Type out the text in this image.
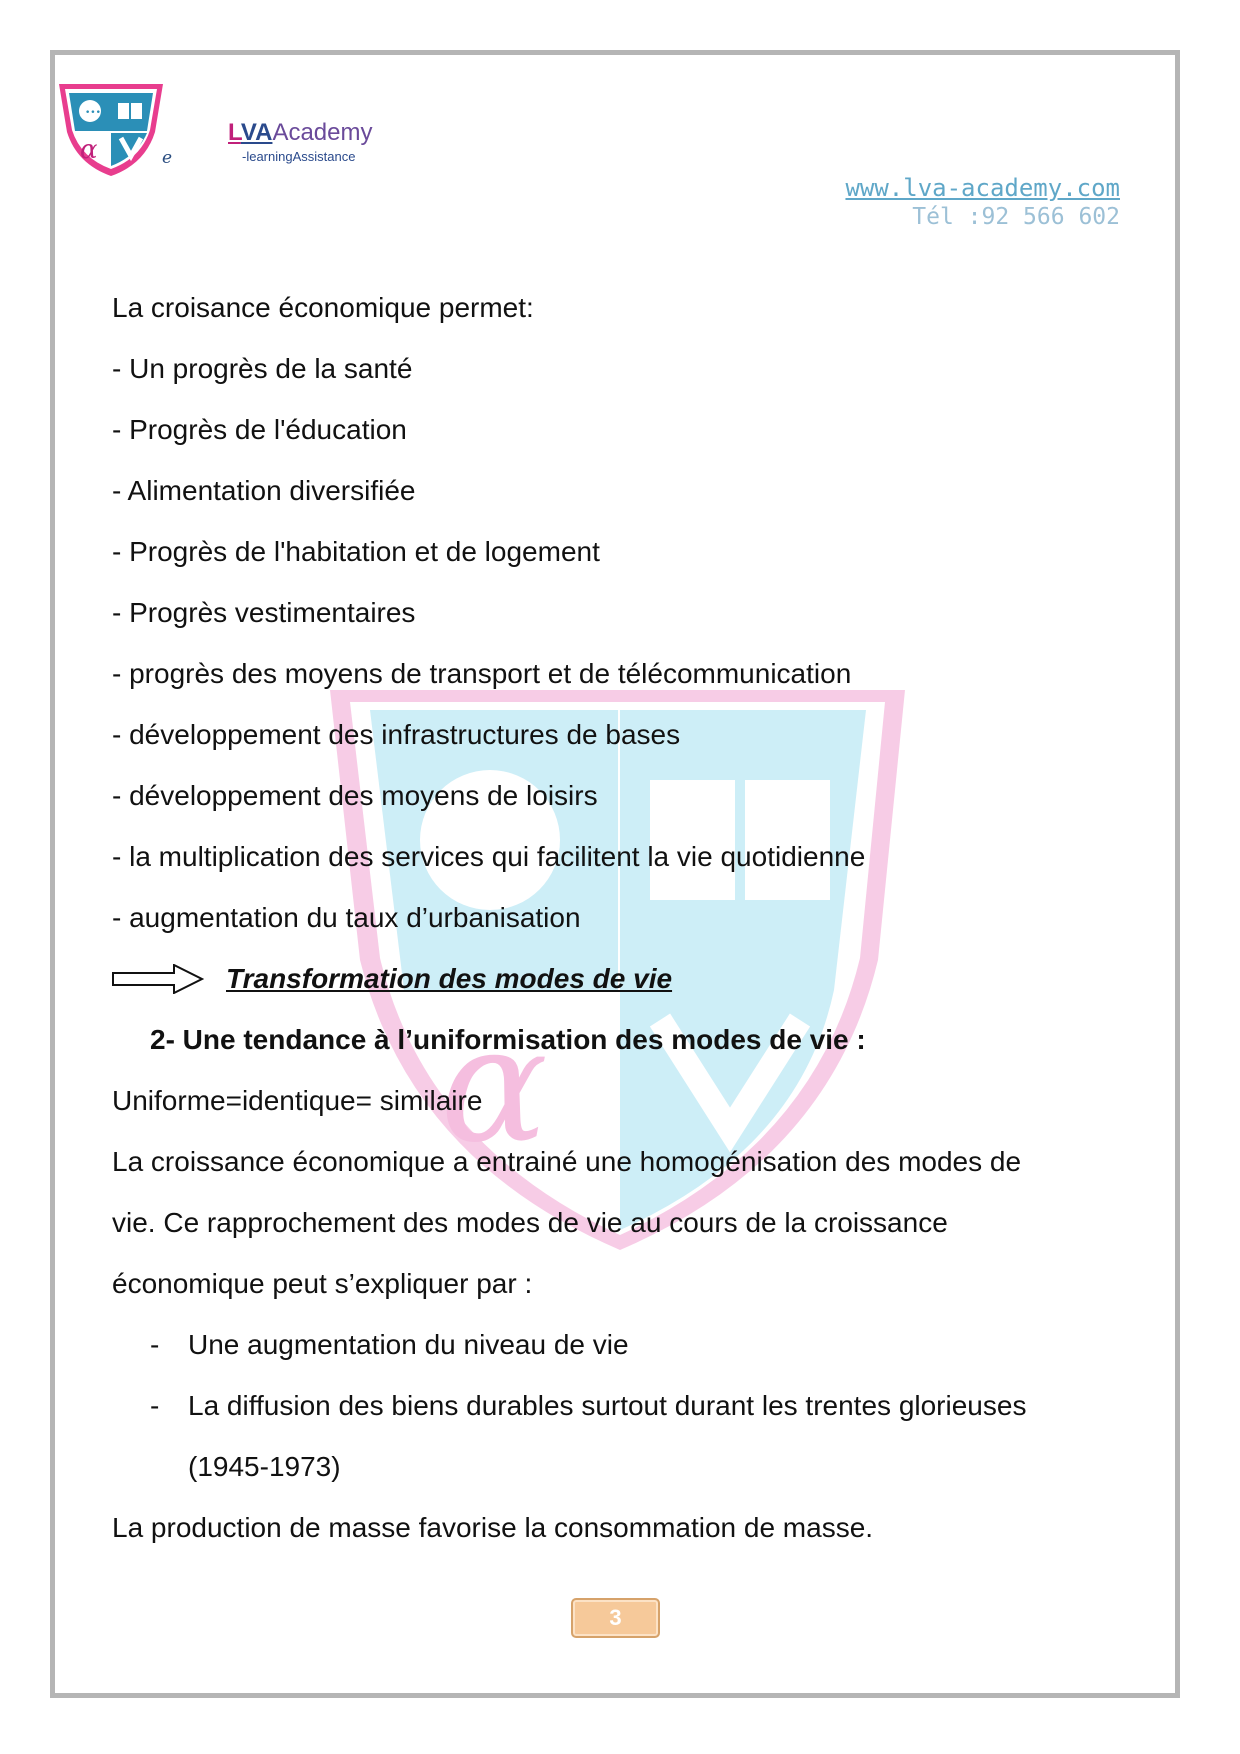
•••
α	e
LVAAcademy
-learningAssistance
www.lva-academy.com
Tél :92 566 602
α
La croisance économique permet:
- Un progrès de la santé
- Progrès de l'éducation
- Alimentation diversifiée
- Progrès de l'habitation et de logement
- Progrès vestimentaires
- progrès des moyens de transport et de télécommunication
- développement des infrastructures de bases
- développement des moyens de loisirs
- la multiplication des services qui facilitent la vie quotidienne
- augmentation du taux d’urbanisation
Transformation des modes de vie
2- Une tendance à l’uniformisation des modes de vie :
Uniforme=identique= similaire
La croissance économique a entrainé une homogénisation des modes de
vie. Ce rapprochement des modes de vie au cours de la croissance
économique peut s’expliquer par :
-	Une augmentation du niveau de vie
-	La diffusion des biens durables surtout durant les trentes glorieuses
(1945-1973)
La production de masse favorise la consommation de masse.
3
